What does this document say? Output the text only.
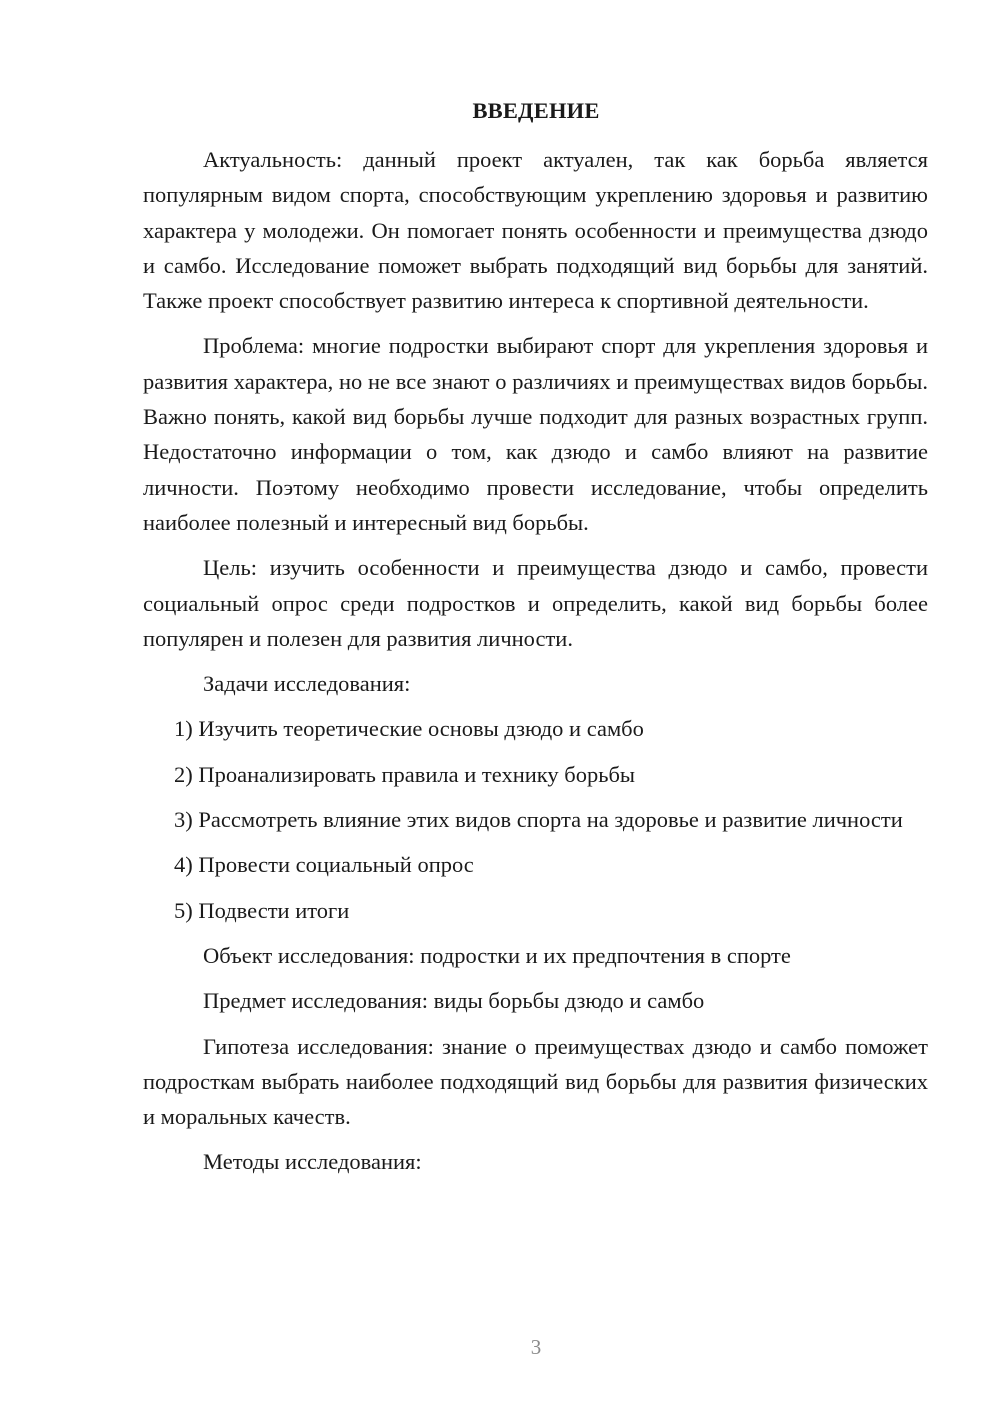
ВВЕДЕНИЕ

Актуальность: данный проект актуален, так как борьба является популярным видом спорта, способствующим укреплению здоровья и развитию характера у молодежи. Он помогает понять особенности и преимущества дзюдо и самбо. Исследование поможет выбрать подходящий вид борьбы для занятий. Также проект способствует развитию интереса к спортивной деятельности.

Проблема: многие подростки выбирают спорт для укрепления здоровья и развития характера, но не все знают о различиях и преимуществах видов борьбы. Важно понять, какой вид борьбы лучше подходит для разных возрастных групп. Недостаточно информации о том, как дзюдо и самбо влияют на развитие личности. Поэтому необходимо провести исследование, чтобы определить наиболее полезный и интересный вид борьбы.

Цель: изучить особенности и преимущества дзюдо и самбо, провести социальный опрос среди подростков и определить, какой вид борьбы более популярен и полезен для развития личности.

Задачи исследования:

1) Изучить теоретические основы дзюдо и самбо

2) Проанализировать правила и технику борьбы

3) Рассмотреть влияние этих видов спорта на здоровье и развитие личности

4) Провести социальный опрос

5) Подвести итоги

Объект исследования: подростки и их предпочтения в спорте

Предмет исследования: виды борьбы дзюдо и самбо

Гипотеза исследования: знание о преимуществах дзюдо и самбо поможет подросткам выбрать наиболее подходящий вид борьбы для развития физических и моральных качеств.

Методы исследования:

3
